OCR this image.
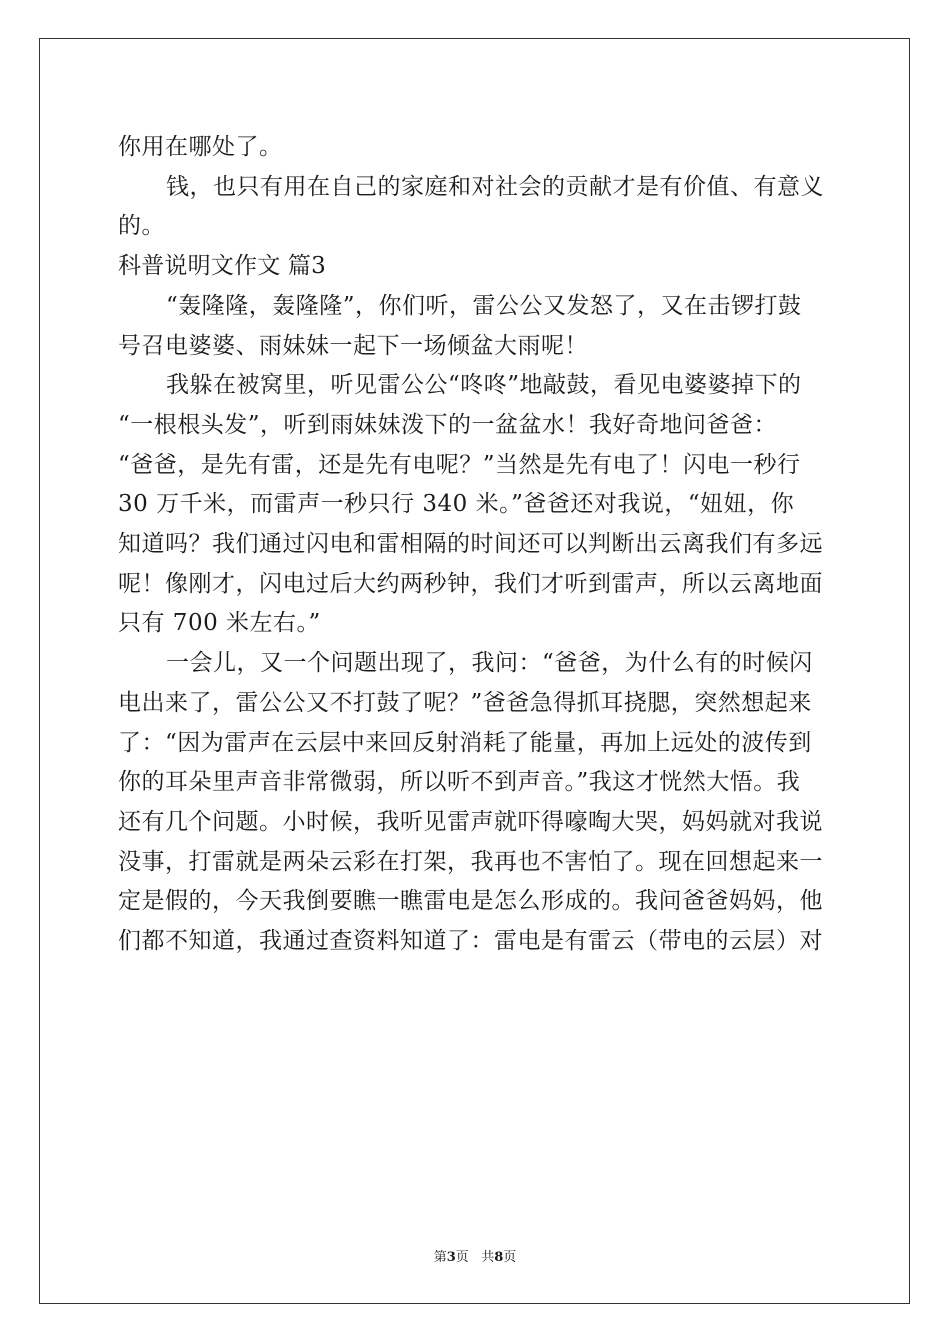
你用在哪处了。
钱，也只有用在自己的家庭和对社会的贡献才是有价值、有意义
的。
科普说明文作文 篇3
“轰隆隆，轰隆隆”，你们听，雷公公又发怒了，又在击锣打鼓
号召电婆婆、雨妹妹一起下一场倾盆大雨呢！
我躲在被窝里，听见雷公公“咚咚”地敲鼓，看见电婆婆掉下的
“一根根头发”，听到雨妹妹泼下的一盆盆水！我好奇地问爸爸：
“爸爸，是先有雷，还是先有电呢？”当然是先有电了！闪电一秒行
30 万千米，而雷声一秒只行 340 米。”爸爸还对我说，“妞妞，你
知道吗？我们通过闪电和雷相隔的时间还可以判断出云离我们有多远
呢！像刚才，闪电过后大约两秒钟，我们才听到雷声，所以云离地面
只有 700 米左右。”
一会儿，又一个问题出现了，我问：“爸爸，为什么有的时候闪
电出来了，雷公公又不打鼓了呢？”爸爸急得抓耳挠腮，突然想起来
了：“因为雷声在云层中来回反射消耗了能量，再加上远处的波传到
你的耳朵里声音非常微弱，所以听不到声音。”我这才恍然大悟。我
还有几个问题。小时候，我听见雷声就吓得嚎啕大哭，妈妈就对我说
没事，打雷就是两朵云彩在打架，我再也不害怕了。现在回想起来一
定是假的，今天我倒要瞧一瞧雷电是怎么形成的。我问爸爸妈妈，他
们都不知道，我通过查资料知道了：雷电是有雷云（带电的云层）对
第3页 共8页
